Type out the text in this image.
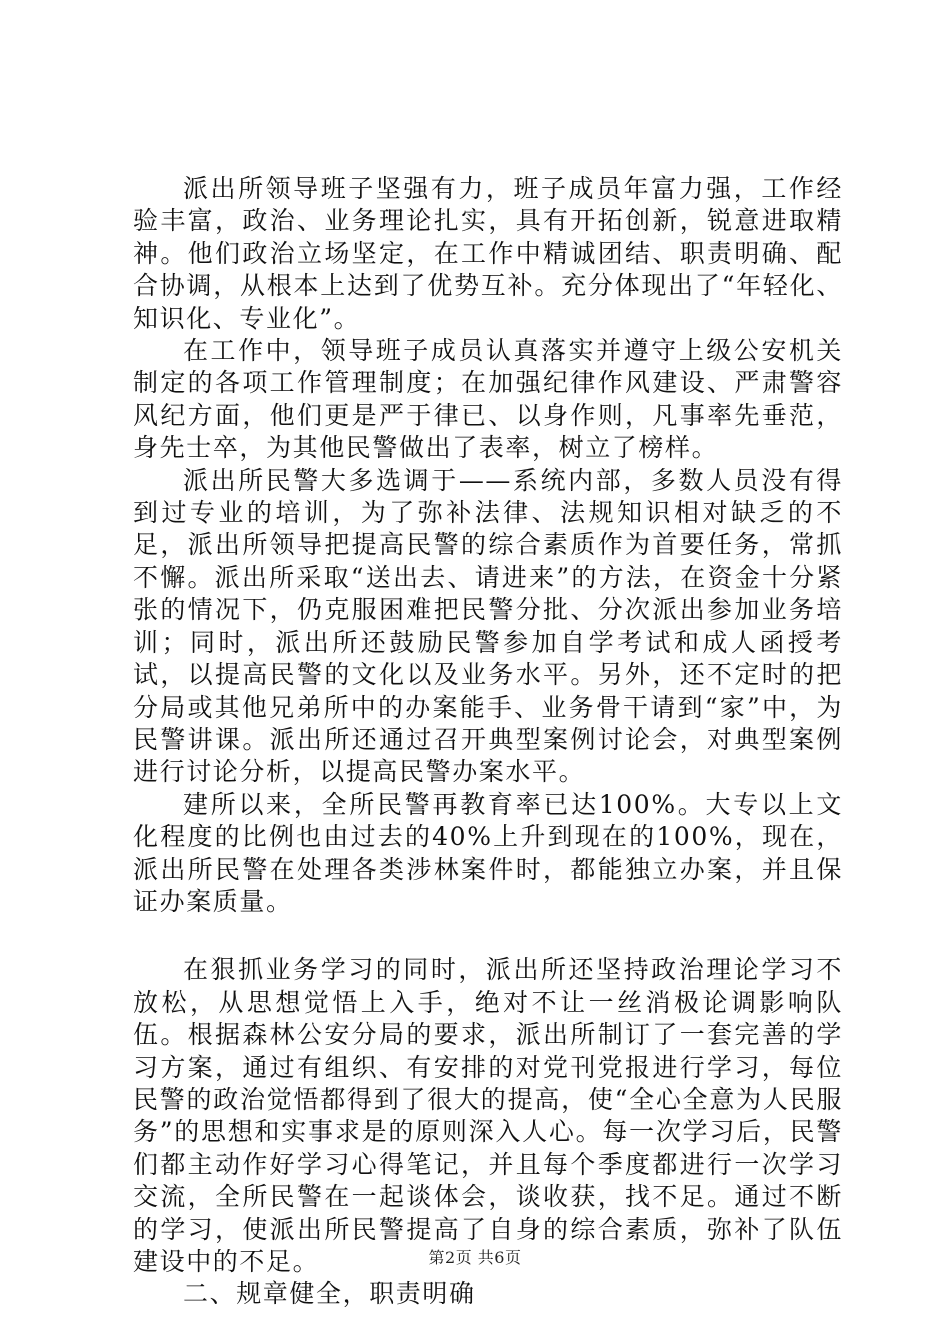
派出所领导班子坚强有力，班子成员年富力强，工作经验丰富，政治、业务理论扎实，具有开拓创新，锐意进取精神。他们政治立场坚定，在工作中精诚团结、职责明确、配合协调，从根本上达到了优势互补。充分体现出了“年轻化、知识化、专业化”。

在工作中，领导班子成员认真落实并遵守上级公安机关制定的各项工作管理制度；在加强纪律作风建设、严肃警容风纪方面，他们更是严于律已、以身作则，凡事率先垂范，身先士卒，为其他民警做出了表率，树立了榜样。

派出所民警大多选调于——系统内部，多数人员没有得到过专业的培训，为了弥补法律、法规知识相对缺乏的不足，派出所领导把提高民警的综合素质作为首要任务，常抓不懈。派出所采取“送出去、请进来”的方法，在资金十分紧张的情况下，仍克服困难把民警分批、分次派出参加业务培训；同时，派出所还鼓励民警参加自学考试和成人函授考试，以提高民警的文化以及业务水平。另外，还不定时的把分局或其他兄弟所中的办案能手、业务骨干请到“家”中，为民警讲课。派出所还通过召开典型案例讨论会，对典型案例进行讨论分析，以提高民警办案水平。

建所以来，全所民警再教育率已达100%。大专以上文化程度的比例也由过去的40%上升到现在的100%，现在，派出所民警在处理各类涉林案件时，都能独立办案，并且保证办案质量。

在狠抓业务学习的同时，派出所还坚持政治理论学习不放松，从思想觉悟上入手，绝对不让一丝消极论调影响队伍。根据森林公安分局的要求，派出所制订了一套完善的学习方案，通过有组织、有安排的对党刊党报进行学习，每位民警的政治觉悟都得到了很大的提高，使“全心全意为人民服务”的思想和实事求是的原则深入人心。每一次学习后，民警们都主动作好学习心得笔记，并且每个季度都进行一次学习交流，全所民警在一起谈体会，谈收获，找不足。通过不断的学习，使派出所民警提高了自身的综合素质，弥补了队伍建设中的不足。

二、规章健全，职责明确

第2页 共6页
